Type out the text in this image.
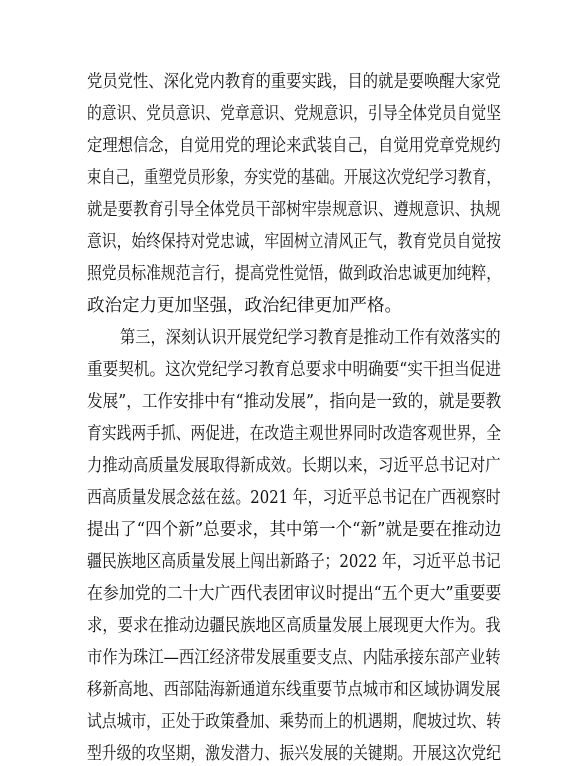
党员党性、深化党内教育的重要实践，目的就是要唤醒大家党
的意识、党员意识、党章意识、党规意识，引导全体党员自觉坚
定理想信念，自觉用党的理论来武装自己，自觉用党章党规约
束自己，重塑党员形象，夯实党的基础。开展这次党纪学习教育，
就是要教育引导全体党员干部树牢崇规意识、遵规意识、执规
意识，始终保持对党忠诚，牢固树立清风正气，教育党员自觉按
照党员标准规范言行，提高党性觉悟，做到政治忠诚更加纯粹，
政治定力更加坚强，政治纪律更加严格。
第三，深刻认识开展党纪学习教育是推动工作有效落实的
重要契机。这次党纪学习教育总要求中明确要“实干担当促进
发展”，工作安排中有“推动发展”，指向是一致的，就是要教
育实践两手抓、两促进，在改造主观世界同时改造客观世界，全
力推动高质量发展取得新成效。长期以来，习近平总书记对广
西高质量发展念兹在兹。2021 年，习近平总书记在广西视察时
提出了“四个新”总要求，其中第一个“新”就是要在推动边
疆民族地区高质量发展上闯出新路子；2022 年，习近平总书记
在参加党的二十大广西代表团审议时提出“五个更大”重要要
求，要求在推动边疆民族地区高质量发展上展现更大作为。我
市作为珠江—西江经济带发展重要支点、内陆承接东部产业转
移新高地、西部陆海新通道东线重要节点城市和区域协调发展
试点城市，正处于政策叠加、乘势而上的机遇期，爬坡过坎、转
型升级的攻坚期，激发潜力、振兴发展的关键期。开展这次党纪
